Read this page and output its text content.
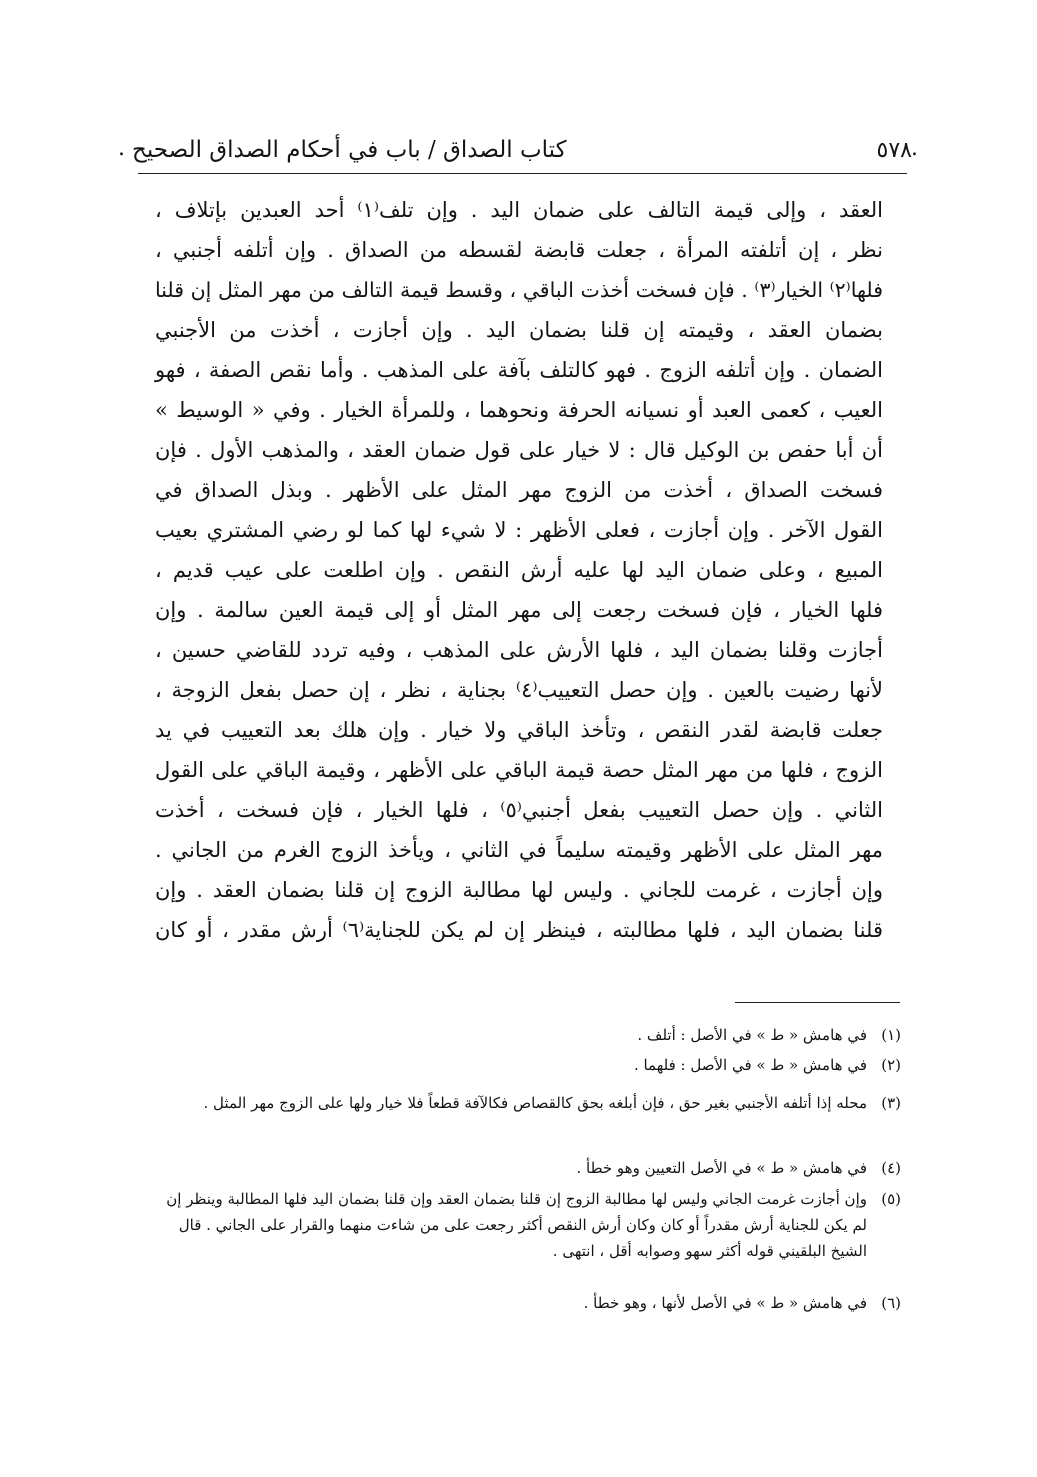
.
٥٧٨
كتاب الصداق / باب في أحكام الصداق الصحيح
.
العقد ، وإلى قيمة التالف على ضمان اليد . وإن تلف⁽١⁾ أحد العبدين بإتلاف ،
نظر ، إن أتلفته المرأة ، جعلت قابضة لقسطه من الصداق . وإن أتلفه أجنبي ،
فلها⁽٢⁾ الخيار⁽٣⁾ . فإن فسخت أخذت الباقي ، وقسط قيمة التالف من مهر المثل إن قلنا
بضمان العقد ، وقيمته إن قلنا بضمان اليد . وإن أجازت ، أخذت من الأجنبي
الضمان . وإن أتلفه الزوج . فهو كالتلف بآفة على المذهب . وأما نقص الصفة ، فهو
العيب ، كعمى العبد أو نسيانه الحرفة ونحوهما ، وللمرأة الخيار . وفي « الوسيط »
أن أبا حفص بن الوكيل قال : لا خيار على قول ضمان العقد ، والمذهب الأول . فإن
فسخت الصداق ، أخذت من الزوج مهر المثل على الأظهر . وبذل الصداق في
القول الآخر . وإن أجازت ، فعلى الأظهر : لا شيء لها كما لو رضي المشتري بعيب
المبيع ، وعلى ضمان اليد لها عليه أرش النقص . وإن اطلعت على عيب قديم ،
فلها الخيار ، فإن فسخت رجعت إلى مهر المثل أو إلى قيمة العين سالمة . وإن
أجازت وقلنا بضمان اليد ، فلها الأرش على المذهب ، وفيه تردد للقاضي حسين ،
لأنها رضيت بالعين . وإن حصل التعييب⁽٤⁾ بجناية ، نظر ، إن حصل بفعل الزوجة ،
جعلت قابضة لقدر النقص ، وتأخذ الباقي ولا خيار . وإن هلك بعد التعييب في يد
الزوج ، فلها من مهر المثل حصة قيمة الباقي على الأظهر ، وقيمة الباقي على القول
الثاني . وإن حصل التعييب بفعل أجنبي⁽٥⁾ ، فلها الخيار ، فإن فسخت ، أخذت
مهر المثل على الأظهر وقيمته سليماً في الثاني ، ويأخذ الزوج الغرم من الجاني .
وإن أجازت ، غرمت للجاني . وليس لها مطالبة الزوج إن قلنا بضمان العقد . وإن
قلنا بضمان اليد ، فلها مطالبته ، فينظر إن لم يكن للجناية⁽٦⁾ أرش مقدر ، أو كان
(١)
في هامش « ط » في الأصل : أتلف .
(٢)
في هامش « ط » في الأصل : فلهما .
(٣)
محله إذا أتلفه الأجنبي بغير حق ، فإن أبلغه بحق كالقصاص فكالآفة قطعاً فلا خيار ولها على الزوج مهر المثل .
(٤)
في هامش « ط » في الأصل التعيين وهو خطأ .
(٥)
وإن أجازت غرمت الجاني وليس لها مطالبة الزوج إن قلنا بضمان العقد وإن قلنا بضمان اليد فلها المطالبة وينظر إن لم يكن للجناية أرش مقدراً أو كان وكان أرش النقص أكثر رجعت على من شاءت منهما والقرار على الجاني . قال الشيخ البلقيني قوله أكثر سهو وصوابه أقل ، انتهى .
(٦)
في هامش « ط » في الأصل لأنها ، وهو خطأ .
